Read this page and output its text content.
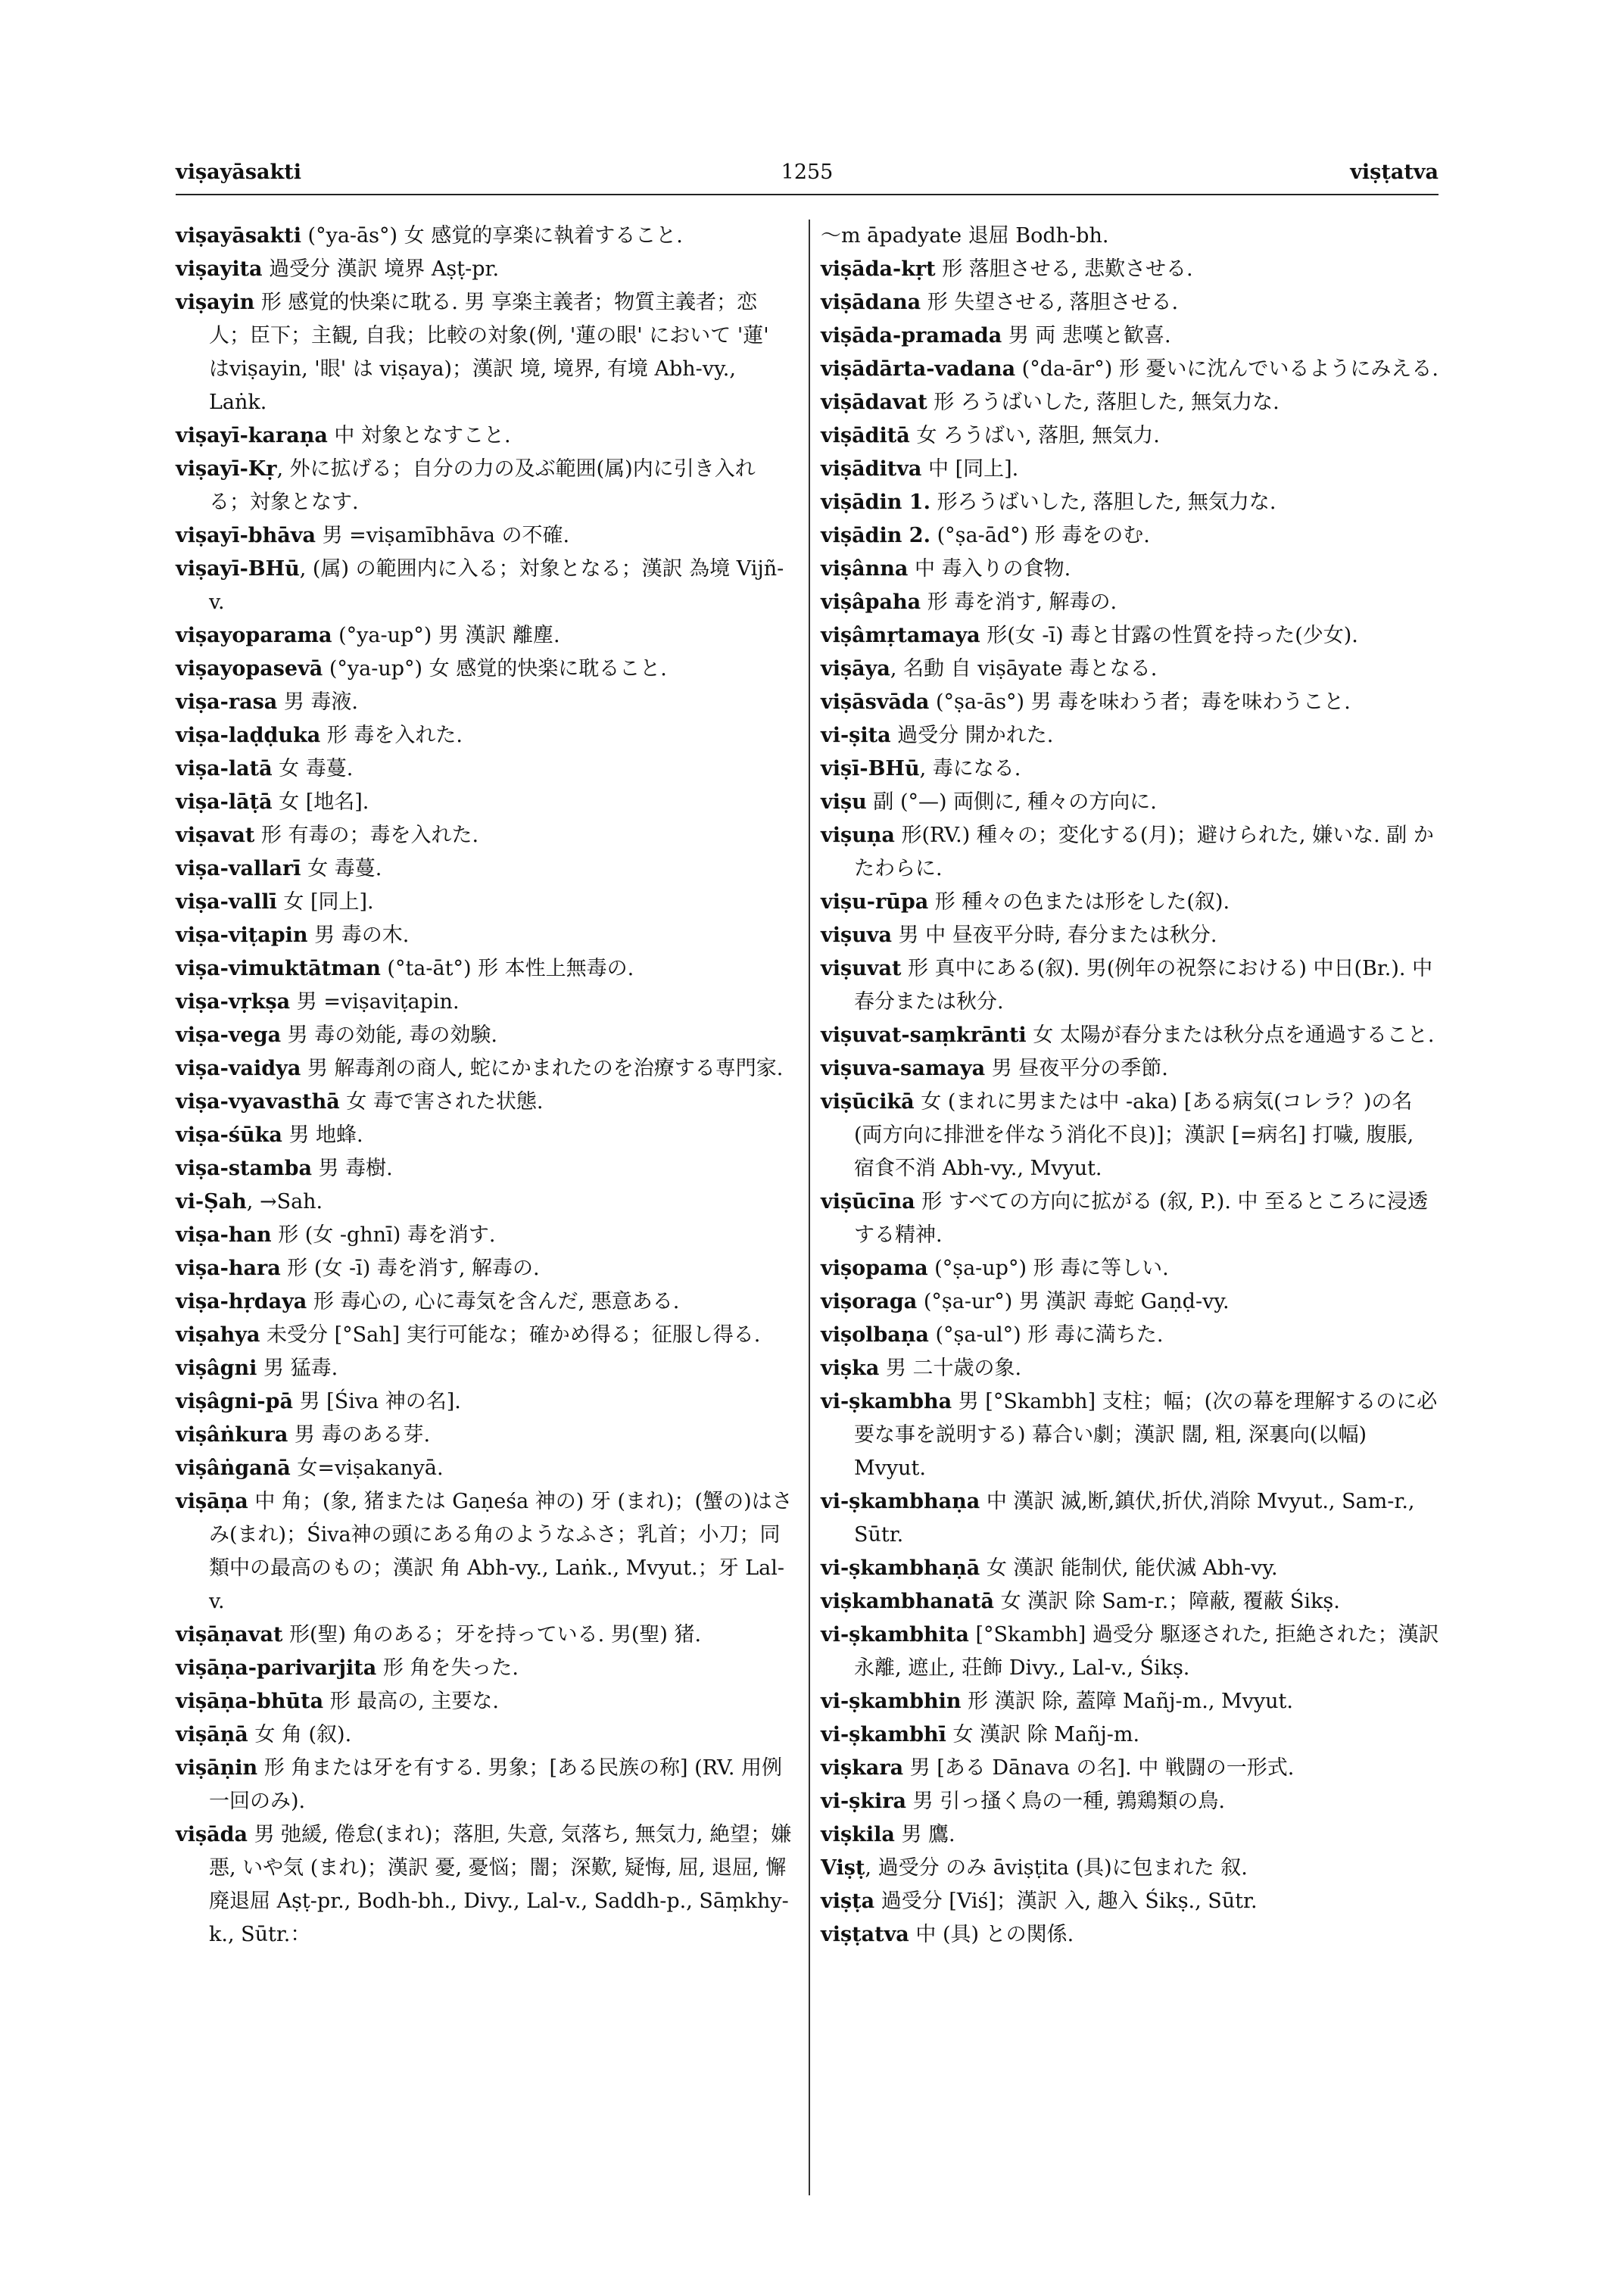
viṣayāsakti	1255	viṣṭatva
viṣayāsakti (°ya-ās°) 女 感覚的享楽に執着すること.
viṣayita 過受分 漢訳 境界 Aṣṭ-pr.
viṣayin 形 感覚的快楽に耽る. 男 享楽主義者；物質主義者；恋人；臣下；主観, 自我；比較の対象(例, '蓮の眼' において '蓮' はviṣayin, '眼' は viṣaya)；漢訳 境, 境界, 有境 Abh-vy., Laṅk.
viṣayī-karaṇa 中 対象となすこと.
viṣayī-Kṛ, 外に拡げる；自分の力の及ぶ範囲(属)内に引き入れる；対象となす.
viṣayī-bhāva 男 =viṣamībhāva の不確.
viṣayī-BHū, (属) の範囲内に入る；対象となる；漢訳 為境 Vijñ-v.
viṣayoparama (°ya-up°) 男 漢訳 離塵.
viṣayopasevā (°ya-up°) 女 感覚的快楽に耽ること.
viṣa-rasa 男 毒液.
viṣa-laḍḍuka 形 毒を入れた.
viṣa-latā 女 毒蔓.
viṣa-lāṭā 女 [地名].
viṣavat 形 有毒の；毒を入れた.
viṣa-vallarī 女 毒蔓.
viṣa-vallī 女 [同上].
viṣa-viṭapin 男 毒の木.
viṣa-vimuktātman (°ta-āt°) 形 本性上無毒の.
viṣa-vṛkṣa 男 =viṣaviṭapin.
viṣa-vega 男 毒の効能, 毒の効験.
viṣa-vaidya 男 解毒剤の商人, 蛇にかまれたのを治療する専門家.
viṣa-vyavasthā 女 毒で害された状態.
viṣa-śūka 男 地蜂.
viṣa-stamba 男 毒樹.
vi-Ṣah, →Sah.
viṣa-han 形 (女 -ghnī) 毒を消す.
viṣa-hara 形 (女 -ī) 毒を消す, 解毒の.
viṣa-hṛdaya 形 毒心の, 心に毒気を含んだ, 悪意ある.
viṣahya 未受分 [°Sah] 実行可能な；確かめ得る；征服し得る.
viṣâgni 男 猛毒.
viṣâgni-pā 男 [Śiva 神の名].
viṣâṅkura 男 毒のある芽.
viṣâṅganā 女=viṣakanyā.
viṣāṇa 中 角；(象, 猪または Gaṇeśa 神の) 牙 (まれ)；(蟹の)はさみ(まれ)；Śiva神の頭にある角のようなふさ；乳首；小刀；同類中の最高のもの；漢訳 角 Abh-vy., Laṅk., Mvyut.；牙 Lal-v.
viṣāṇavat 形(聖) 角のある；牙を持っている. 男(聖) 猪.
viṣāṇa-parivarjita 形 角を失った.
viṣāṇa-bhūta 形 最高の, 主要な.
viṣāṇā 女 角 (叙).
viṣāṇin 形 角または牙を有する. 男象；[ある民族の称] (RV. 用例一回のみ).
viṣāda 男 弛緩, 倦怠(まれ)；落胆, 失意, 気落ち, 無気力, 絶望；嫌悪, いや気 (まれ)；漢訳 憂, 憂悩；闇；深歎, 疑悔, 屈, 退屈, 懈廃退屈 Aṣṭ-pr., Bodh-bh., Divy., Lal-v., Saddh-p., Sāṃkhy-k., Sūtr.：
～m āpadyate 退屈 Bodh-bh.
viṣāda-kṛt 形 落胆させる, 悲歎させる.
viṣādana 形 失望させる, 落胆させる.
viṣāda-pramada 男 両 悲嘆と歓喜.
viṣādārta-vadana (°da-ār°) 形 憂いに沈んでいるようにみえる.
viṣādavat 形 ろうばいした, 落胆した, 無気力な.
viṣāditā 女 ろうばい, 落胆, 無気力.
viṣāditva 中 [同上].
viṣādin 1. 形ろうばいした, 落胆した, 無気力な.
viṣādin 2. (°ṣa-ād°) 形 毒をのむ.
viṣânna 中 毒入りの食物.
viṣâpaha 形 毒を消す, 解毒の.
viṣâmṛtamaya 形(女 -ī) 毒と甘露の性質を持った(少女).
viṣāya, 名動 自 viṣāyate 毒となる.
viṣāsvāda (°ṣa-ās°) 男 毒を味わう者；毒を味わうこと.
vi-ṣita 過受分 開かれた.
viṣī-BHū, 毒になる.
viṣu 副 (°—) 両側に, 種々の方向に.
viṣuṇa 形(RV.) 種々の；変化する(月)；避けられた, 嫌いな. 副 かたわらに.
viṣu-rūpa 形 種々の色または形をした(叙).
viṣuva 男 中 昼夜平分時, 春分または秋分.
viṣuvat 形 真中にある(叙). 男(例年の祝祭における) 中日(Br.). 中 春分または秋分.
viṣuvat-saṃkrānti 女 太陽が春分または秋分点を通過すること.
viṣuva-samaya 男 昼夜平分の季節.
viṣūcikā 女 (まれに男または中 -aka) [ある病気(コレラ？)の名 (両方向に排泄を伴なう消化不良)]；漢訳 [=病名] 打噦, 腹脹, 宿食不消 Abh-vy., Mvyut.
viṣūcīna 形 すべての方向に拡がる (叙, P.). 中 至るところに浸透する精神.
viṣopama (°ṣa-up°) 形 毒に等しい.
viṣoraga (°ṣa-ur°) 男 漢訳 毒蛇 Gaṇḍ-vy.
viṣolbaṇa (°ṣa-ul°) 形 毒に満ちた.
viṣka 男 二十歳の象.
vi-ṣkambha 男 [°Skambh] 支柱；幅；(次の幕を理解するのに必要な事を説明する) 幕合い劇；漢訳 闊, 粗, 深裏向(以幅) Mvyut.
vi-ṣkambhaṇa 中 漢訳 滅,断,鎮伏,折伏,消除 Mvyut., Sam-r., Sūtr.
vi-ṣkambhaṇā 女 漢訳 能制伏, 能伏滅 Abh-vy.
viṣkambhanatā 女 漢訳 除 Sam-r.；障蔽, 覆蔽 Śikṣ.
vi-ṣkambhita [°Skambh] 過受分 駆逐された, 拒絶された；漢訳 永離, 遮止, 荘飾 Divy., Lal-v., Śikṣ.
vi-ṣkambhin 形 漢訳 除, 蓋障 Mañj-m., Mvyut.
vi-ṣkambhī 女 漢訳 除 Mañj-m.
viṣkara 男 [ある Dānava の名]. 中 戦闘の一形式.
vi-ṣkira 男 引っ搔く鳥の一種, 鶉鶏類の鳥.
viṣkila 男 鷹.
Viṣṭ, 過受分 のみ āviṣṭita (具)に包まれた 叙.
viṣṭa 過受分 [Viś]；漢訳 入, 趣入 Śikṣ., Sūtr.
viṣṭatva 中 (具) との関係.
